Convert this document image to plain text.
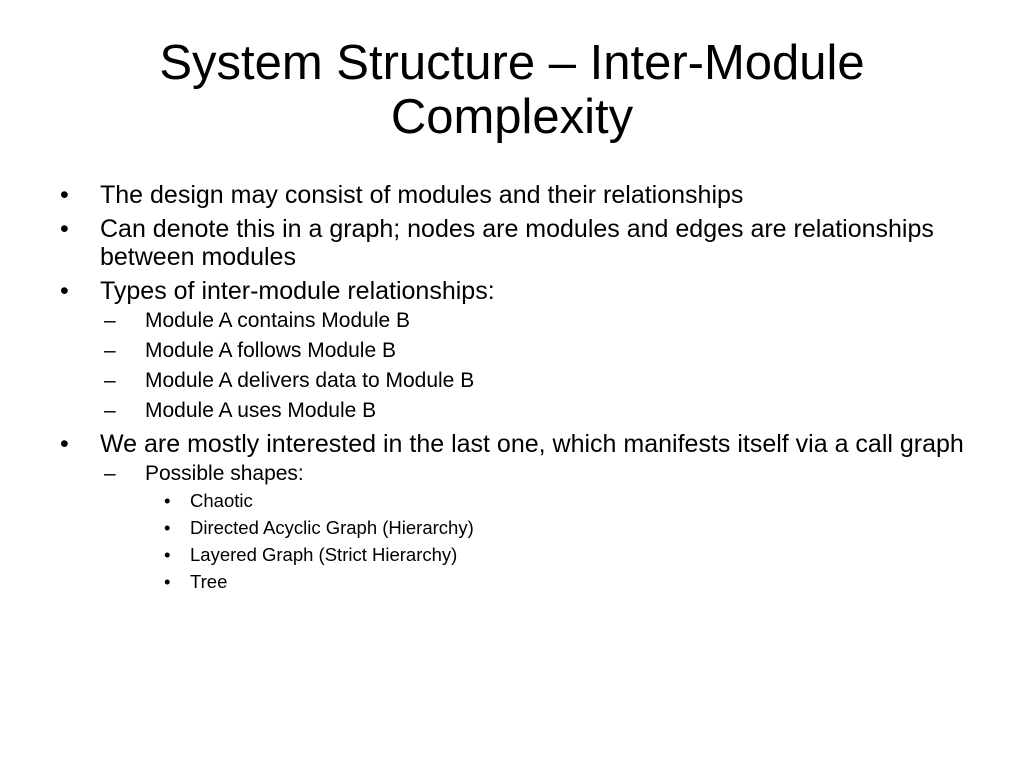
System Structure – Inter-Module
Complexity
•	The design may consist of modules and their relationships
•	Can denote this in a graph; nodes are modules and edges are relationships between modules
•	Types of inter-module relationships:
–	Module A contains Module B
–	Module A follows Module B
–	Module A delivers data to Module B
–	Module A uses Module B
•	We are mostly interested in the last one, which manifests itself via a call graph
–	Possible shapes:
•	Chaotic
•	Directed Acyclic Graph (Hierarchy)
•	Layered Graph (Strict Hierarchy)
•	Tree
